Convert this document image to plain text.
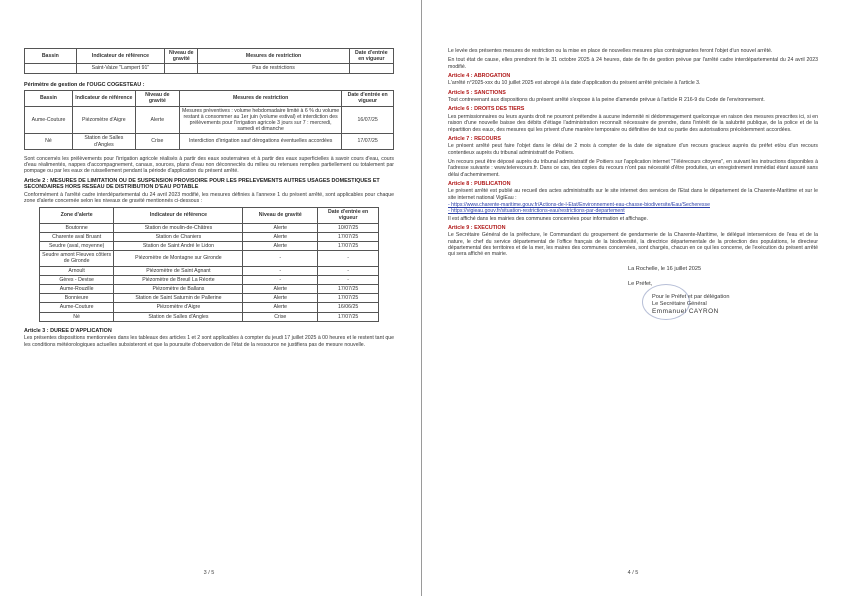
Bassin	Indicateur de référence	Niveau de gravité	Mesures de restriction	Date d'entrée en vigueur
	Saint-Vaize "Lampert 91"		Pas de restrictions	
Périmètre de gestion de l'OUGC COGESTEAU :
Bassin	Indicateur de référence	Niveau de gravité	Mesures de restriction	Date d'entrée en vigueur
Aume-Couture	Piézomètre d'Aigre	Alerte	Mesures préventives : volume hebdomadaire limité à 6 % du volume restant à consommer au 1er juin (volume estival) et interdiction des prélèvements pour l'irrigation agricole 3 jours sur 7 : mercredi, samedi et dimanche	16/07/25
Né	Station de Salles d'Angles	Crise	Interdiction d'irrigation sauf dérogations éventuelles accordées	17/07/25

Sont concernés les prélèvements pour l'irrigation agricole réalisés à partir des eaux souterraines et à partir des eaux superficielles à savoir cours d'eau, cours d'eau réalimentés, nappes d'accompagnement, canaux, sources, plans d'eau non déconnectés du milieu ou retenues remplies partiellement ou totalement par pompage ou par les eaux de ruissellement pendant la période d'application du présent arrêté.

Article 2 : MESURES DE LIMITATION OU DE SUSPENSION PROVISOIRE POUR LES PRELEVEMENTS AUTRES USAGES DOMESTIQUES ET SECONDAIRES HORS RESEAU DE DISTRIBUTION D'EAU POTABLE

Conformément à l'arrêté cadre interdépartemental du 24 avril 2023 modifié, les mesures définies à l'annexe 1 du présent arrêté, sont applicables pour chaque zone d'alerte concernée selon les niveaux de gravité mentionnés ci-dessous :

Zone d'alerte	Indicateur de référence	Niveau de gravité	Date d'entrée en vigueur
Boutonne	Station de moulin-de-Châtres	Alerte	10/07/25
Charente aval Bruant	Station de Chaniers	Alerte	17/07/25
Seudre (aval, moyenne)	Station de Saint André le Lidon	Alerte	17/07/25
Seudre amont Fleuves côtiers de Gironde	Piézomètre de Montagne sur Gironde	-	-
Arnoult	Piézomètre de Saint Agnant	-	-
Gères - Devise	Piézomètre de Breuil La Réorte	-	-
Aume-Rouzille	Piézomètre de Ballans	Alerte	17/07/25
Bonnieure	Station de Saint Saturnin de Pallerine	Alerte	17/07/25
Aume-Couture	Piézomètre d'Aigre	Alerte	16/06/25
Né	Station de Salles d'Angles	Crise	17/07/25
Article 3 : DUREE D'APPLICATION

Les présentes dispositions mentionnées dans les tableaux des articles 1 et 2 sont applicables à compter du jeudi 17 juillet 2025 à 00 heures et le restent tant que les conditions météorologiques actuelles subsisteront et que la poursuite d'observation de l'état de la ressource ne justifiera pas de mesure nouvelle.

3 / 5

Le levée des présentes mesures de restriction ou la mise en place de nouvelles mesures plus contraignantes feront l'objet d'un nouvel arrêté.

En tout état de cause, elles prendront fin le 31 octobre 2025 à 24 heures, date de fin de gestion prévue par l'arrêté cadre interdépartemental du 24 avril 2023 modifié.

Article 4 : ABROGATION

L'arrêté n°2025-xxx du 10 juillet 2025 est abrogé à la date d'application du présent arrêté précisée à l'article 3.

Article 5 : SANCTIONS

Tout contrevenant aux dispositions du présent arrêté s'expose à la peine d'amende prévue à l'article R 216-9 du Code de l'environnement.

Article 6 : DROITS DES TIERS

Les permissionnaires ou leurs ayants droit ne pourront prétendre à aucune indemnité ni dédommagement quelconque en raison des mesures prescrites ici, si en raison d'une nouvelle baisse des débits d'étiage l'administration reconnaît nécessaire de prendre, dans l'intérêt de la salubrité publique, de la police et de la répartition des eaux, des mesures qui les privent d'une manière temporaire ou définitive de tout ou partie des autorisations précédemment accordées.

Article 7 : RECOURS

Le présent arrêté peut faire l'objet dans le délai de 2 mois à compter de la date de signature d'un recours gracieux auprès du préfet et/ou d'un recours contentieux auprès du tribunal administratif de Poitiers.

Un recours peut être déposé auprès du tribunal administratif de Poitiers sur l'application internet "Télérecours citoyens", en suivant les instructions disponibles à l'adresse suivante : www.telerecours.fr. Dans ce cas, des copies du recours n'ont pas nécessité d'être produites, un enregistrement immédiat étant assuré sans délai d'acheminement.

Article 8 : PUBLICATION

Le présent arrêté est publié au recueil des actes administratifs sur le site internet des services de l'Etat dans le département de la Charente-Maritime et sur le site internet national VigiEau :

- https://www.charente-maritime.gouv.fr/Actions-de-l-Etat/Environnement-eau-chasse-biodiversite/Eau/Secheresse
- https://vigieau.gouv.fr/situation-restrictions-eau/restrictions-par-departement

Il est affiché dans les mairies des communes concernées pour information et affichage.

Article 9 : EXECUTION

Le Secrétaire Général de la préfecture, le Commandant du groupement de gendarmerie de la Charente-Maritime, le délégué interservices de l'eau et de la nature, le chef du service départemental de l'office français de la biodiversité, la directrice départementale de la protection des populations, le directeur départemental des territoires et de la mer, les maires des communes concernées, sont chargés, chacun en ce qui les concerne, de l'exécution du présent arrêté qui sera affiché en mairie.

La Rochelle, le 16 juillet 2025
Le Préfet,
Pour le Préfet et par délégation
Le Secrétaire Général
Emmanuel CAYRON
4 / 5
